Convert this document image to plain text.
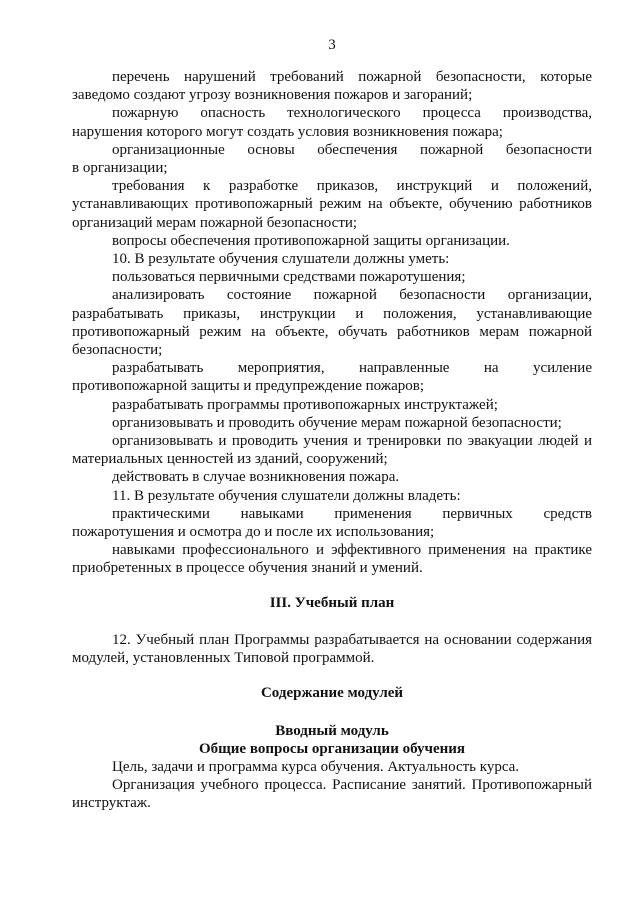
3

перечень нарушений требований пожарной безопасности, которые

заведомо создают угрозу возникновения пожаров и загораний;

пожарную опасность технологического процесса производства,

нарушения которого могут создать условия возникновения пожара;

организационные основы обеспечения пожарной безопасности

в организации;

требования к разработке приказов, инструкций и положений,

устанавливающих противопожарный режим на объекте, обучению работников организаций мерам пожарной безопасности;

вопросы обеспечения противопожарной защиты организации.

10. В результате обучения слушатели должны уметь:

пользоваться первичными средствами пожаротушения;

анализировать состояние пожарной безопасности организации,

разрабатывать приказы, инструкции и положения, устанавливающие противопожарный режим на объекте, обучать работников мерам пожарной безопасности;

разрабатывать мероприятия, направленные на усиление

противопожарной защиты и предупреждение пожаров;

разрабатывать программы противопожарных инструктажей;

организовывать и проводить обучение мерам пожарной безопасности;

организовывать и проводить учения и тренировки по эвакуации людей и материальных ценностей из зданий, сооружений;

действовать в случае возникновения пожара.

11. В результате обучения слушатели должны владеть:

практическими навыками применения первичных средств

пожаротушения и осмотра до и после их использования;

навыками профессионального и эффективного применения на практике приобретенных в процессе обучения знаний и умений.

III. Учебный план

12. Учебный план Программы разрабатывается на основании содержания модулей, установленных Типовой программой.

Содержание модулей

Вводный модуль

Общие вопросы организации обучения

Цель, задачи и программа курса обучения. Актуальность курса.

Организация учебного процесса. Расписание занятий. Противопожарный инструктаж.
